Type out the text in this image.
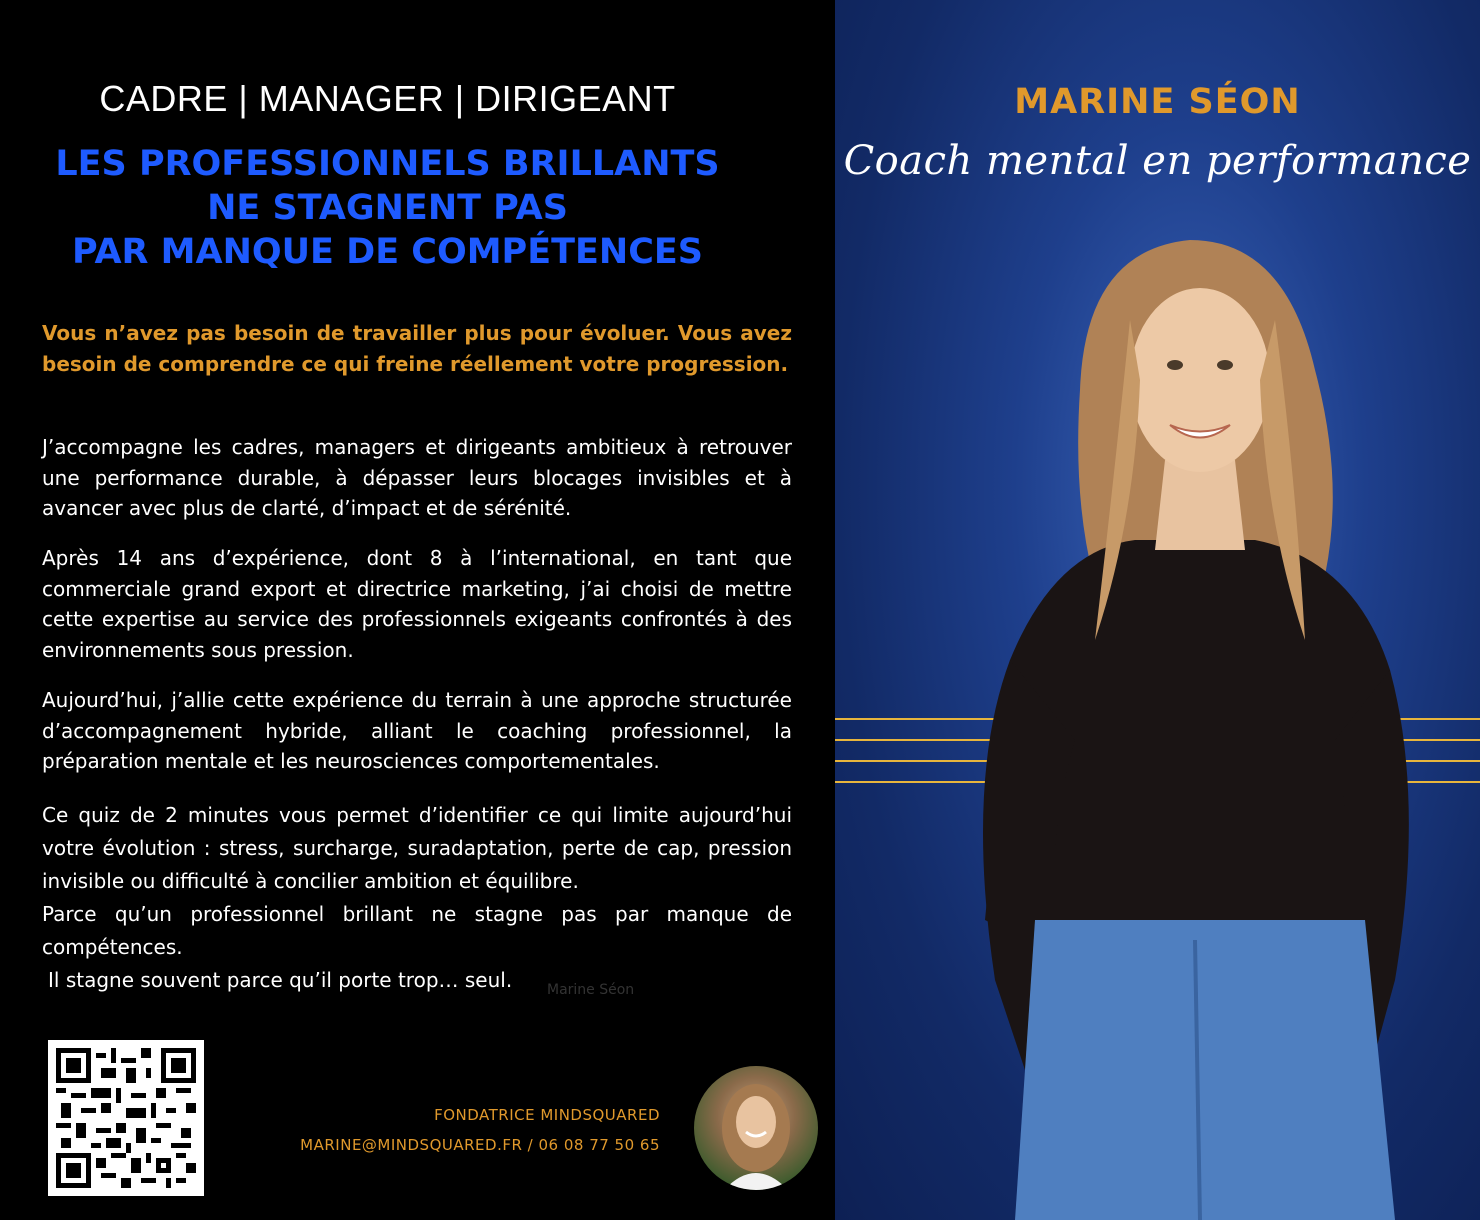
CADRE | MANAGER | DIRIGEANT
LES PROFESSIONNELS BRILLANTS
NE STAGNENT PAS
PAR MANQUE DE COMPÉTENCES
Vous n’avez pas besoin de travailler plus pour évoluer. Vous avez besoin de comprendre ce qui freine réellement votre progression.
J’accompagne les cadres, managers et dirigeants ambitieux à retrouver une performance durable, à dépasser leurs blocages invisibles et à avancer avec plus de clarté, d’impact et de sérénité.
Après 14 ans d’expérience, dont 8 à l’international, en tant que commerciale grand export et directrice marketing, j’ai choisi de mettre cette expertise au service des professionnels exigeants confrontés à des environnements sous pression.
Aujourd’hui, j’allie cette expérience du terrain à une approche structurée d’accompagnement hybride, alliant le coaching professionnel, la préparation mentale et les neurosciences comportementales.
Ce quiz de 2 minutes vous permet d’identifier ce qui limite aujourd’hui votre évolution : stress, surcharge, suradaptation, perte de cap, pression invisible ou difficulté à concilier ambition et équilibre.
Parce qu’un professionnel brillant ne stagne pas par manque de compétences.
Il stagne souvent parce qu’il porte trop… seul.	Marine Séon
FONDATRICE MINDSQUARED
MARINE@MINDSQUARED.FR / 06 08 77 50 65
MARINE SÉON
Coach mental en performance
